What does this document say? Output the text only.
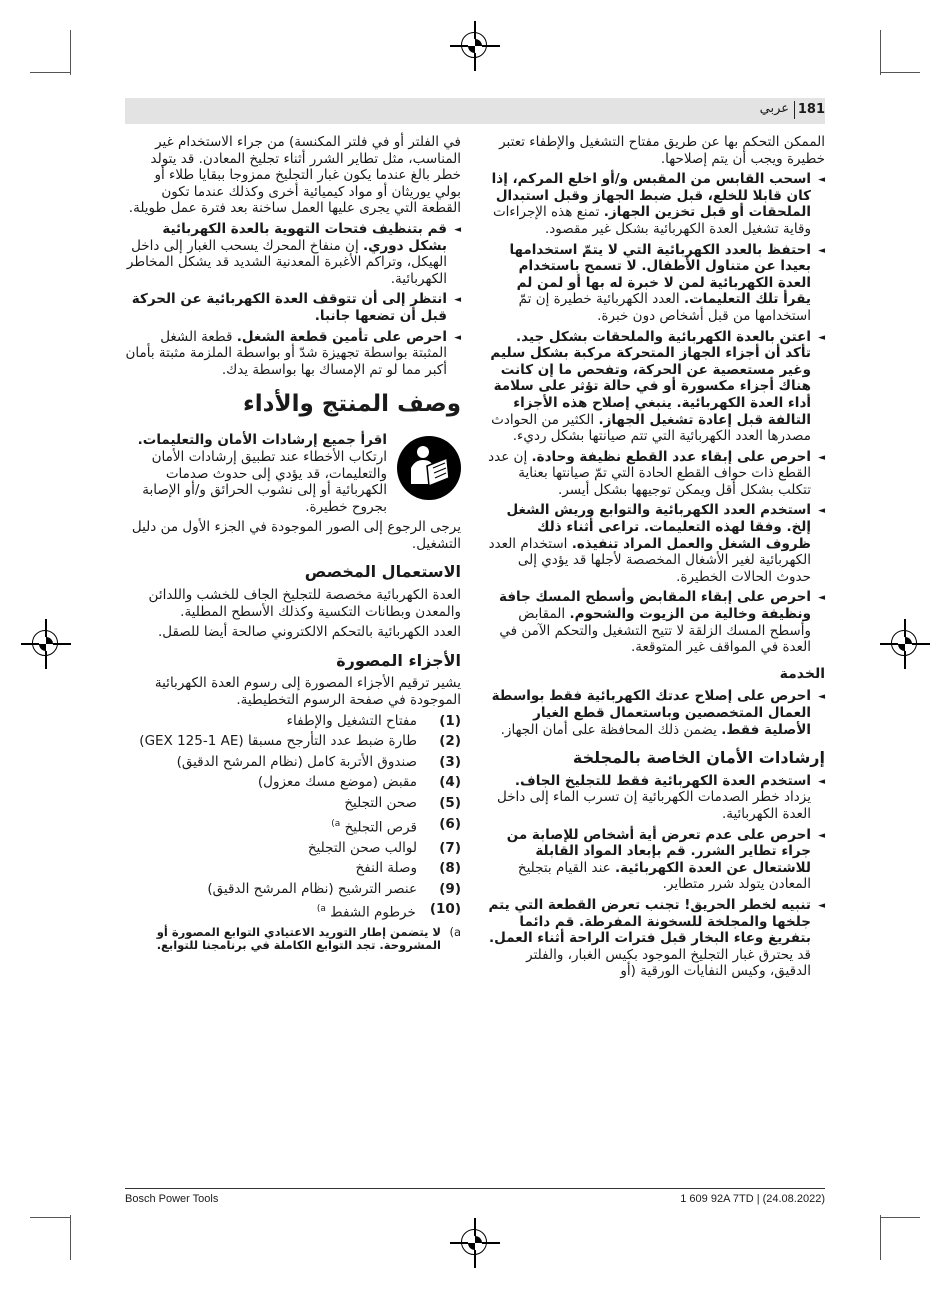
181
عربي

الممكن التحكم بها عن طريق مفتاح التشغيل والإطفاء تعتبر خطيرة ويجب أن يتم إصلاحها.

◄ اسحب القابس من المقبس و/أو اخلع المركم، إذا كان قابلا للخلع، قبل ضبط الجهاز وقبل استبدال الملحقات أو قبل تخزين الجهاز. تمنع هذه الإجراءات وقاية تشغيل العدة الكهربائية بشكل غير مقصود.
◄ احتفظ بالعدد الكهربائية التي لا يتمّ استخدامها بعيدا عن متناول الأطفال. لا تسمح باستخدام العدة الكهربائية لمن لا خبرة له بها أو لمن لم يقرأ تلك التعليمات. العدد الكهربائية خطيرة إن تمّ استخدامها من قبل أشخاص دون خبرة.
◄ اعتن بالعدة الكهربائية والملحقات بشكل جيد. تأكد أن أجزاء الجهاز المتحركة مركبة بشكل سليم وغير مستعصية عن الحركة، وتفحص ما إن كانت هناك أجزاء مكسورة أو في حالة تؤثر على سلامة أداء العدة الكهربائية. ينبغي إصلاح هذه الأجزاء التالفة قبل إعادة تشغيل الجهاز. الكثير من الحوادث مصدرها العدد الكهربائية التي تتم صيانتها بشكل رديء.
◄ احرص على إبقاء عدد القطع نظيفة وحادة. إن عدد القطع ذات حواف القطع الحادة التي تمّ صيانتها بعناية تتكلب بشكل أقل ويمكن توجيهها بشكل أيسر.
◄ استخدم العدد الكهربائية والتوابع وريش الشغل إلخ. وفقا لهذه التعليمات. تراعى أثناء ذلك ظروف الشغل والعمل المراد تنفيذه. استخدام العدد الكهربائية لغير الأشغال المخصصة لأجلها قد يؤدي إلى حدوث الحالات الخطيرة.
◄ احرص على إبقاء المقابض وأسطح المسك جافة ونظيفة وخالية من الزيوت والشحوم. المقابض وأسطح المسك الزلقة لا تتيح التشغيل والتحكم الآمن في العدة في المواقف غير المتوقعة.
الخدمة
◄ احرص على إصلاح عدتك الكهربائية فقط بواسطة العمال المتخصصين وباستعمال قطع الغيار الأصلية فقط. يضمن ذلك المحافظة على أمان الجهاز.
إرشادات الأمان الخاصة بالمجلخة
◄ استخدم العدة الكهربائية فقط للتجليخ الجاف. يزداد خطر الصدمات الكهربائية إن تسرب الماء إلى داخل العدة الكهربائية.
◄ احرص على عدم تعرض أية أشخاص للإصابة من جراء تطاير الشرر. قم بإبعاد المواد القابلة للاشتعال عن العدة الكهربائية. عند القيام بتجليخ المعادن يتولد شرر متطاير.
◄ تنبيه لخطر الحريق! تجنب تعرض القطعة التي يتم جلخها والمجلخة للسخونة المفرطة. قم دائما بتفريغ وعاء البخار قبل فترات الراحة أثناء العمل. قد يحترق غبار التجليخ الموجود بكيس الغبار، والفلتر الدقيق، وكيس النفايات الورقية (أو

في الفلتر أو في فلتر المكنسة) من جراء الاستخدام غير المناسب، مثل تطاير الشرر أثناء تجليخ المعادن. قد يتولد خطر بالغ عندما يكون غبار التجليخ ممزوجا ببقايا طلاء أو بولي يوريثان أو مواد كيميائية أخرى وكذلك عندما تكون القطعة التي يجرى عليها العمل ساخنة بعد فترة عمل طويلة.

◄ قم بتنظيف فتحات التهوية بالعدة الكهربائية بشكل دوري. إن منفاخ المحرك يسحب الغبار إلى داخل الهيكل، وتراكم الأغبرة المعدنية الشديد قد يشكل المخاطر الكهربائية.
◄ انتظر إلى أن تتوقف العدة الكهربائية عن الحركة قبل أن تضعها جانبا.
◄ احرص على تأمين قطعة الشغل. قطعة الشغل المثبتة بواسطة تجهيزة شدّ أو بواسطة الملزمة مثبتة بأمان أكبر مما لو تم الإمساك بها بواسطة يدك.
وصف المنتج والأداء
اقرأ جميع إرشادات الأمان والتعليمات. ارتكاب الأخطاء عند تطبيق إرشادات الأمان والتعليمات، قد يؤدي إلى حدوث صدمات الكهربائية أو إلى نشوب الحرائق و/أو الإصابة بجروح خطيرة.

يرجى الرجوع إلى الصور الموجودة في الجزء الأول من دليل التشغيل.

الاستعمال المخصص

العدة الكهربائية مخصصة للتجليخ الجاف للخشب واللدائن والمعدن وبطانات التكسية وكذلك الأسطح المطلية.

العدد الكهربائية بالتحكم الالكتروني صالحة أيضا للصقل.

الأجزاء المصورة

يشير ترقيم الأجزاء المصورة إلى رسوم العدة الكهربائية الموجودة في صفحة الرسوم التخطيطية.

(1)
مفتاح التشغيل والإطفاء
(2)
طارة ضبط عدد التأرجح مسبقا (GEX 125-1 AE)
(3)
صندوق الأتربة كامل (نظام المرشح الدقيق)
(4)
مقبض (موضع مسك معزول)
(5)
صحن التجليخ
(6)
قرص التجليخ $^{a)}$
(7)
لوالب صحن التجليخ
(8)
وصلة النفخ
(9)
عنصر الترشيح (نظام المرشح الدقيق)
(10)
خرطوم الشفط $^{a)}$
a)
لا يتضمن إطار التوريد الاعتيادي التوابع المصورة أو المشروحة. تجد التوابع الكاملة في برنامجنا للتوابع.
Bosch Power Tools	1 609 92A 7TD | (24.08.2022)
